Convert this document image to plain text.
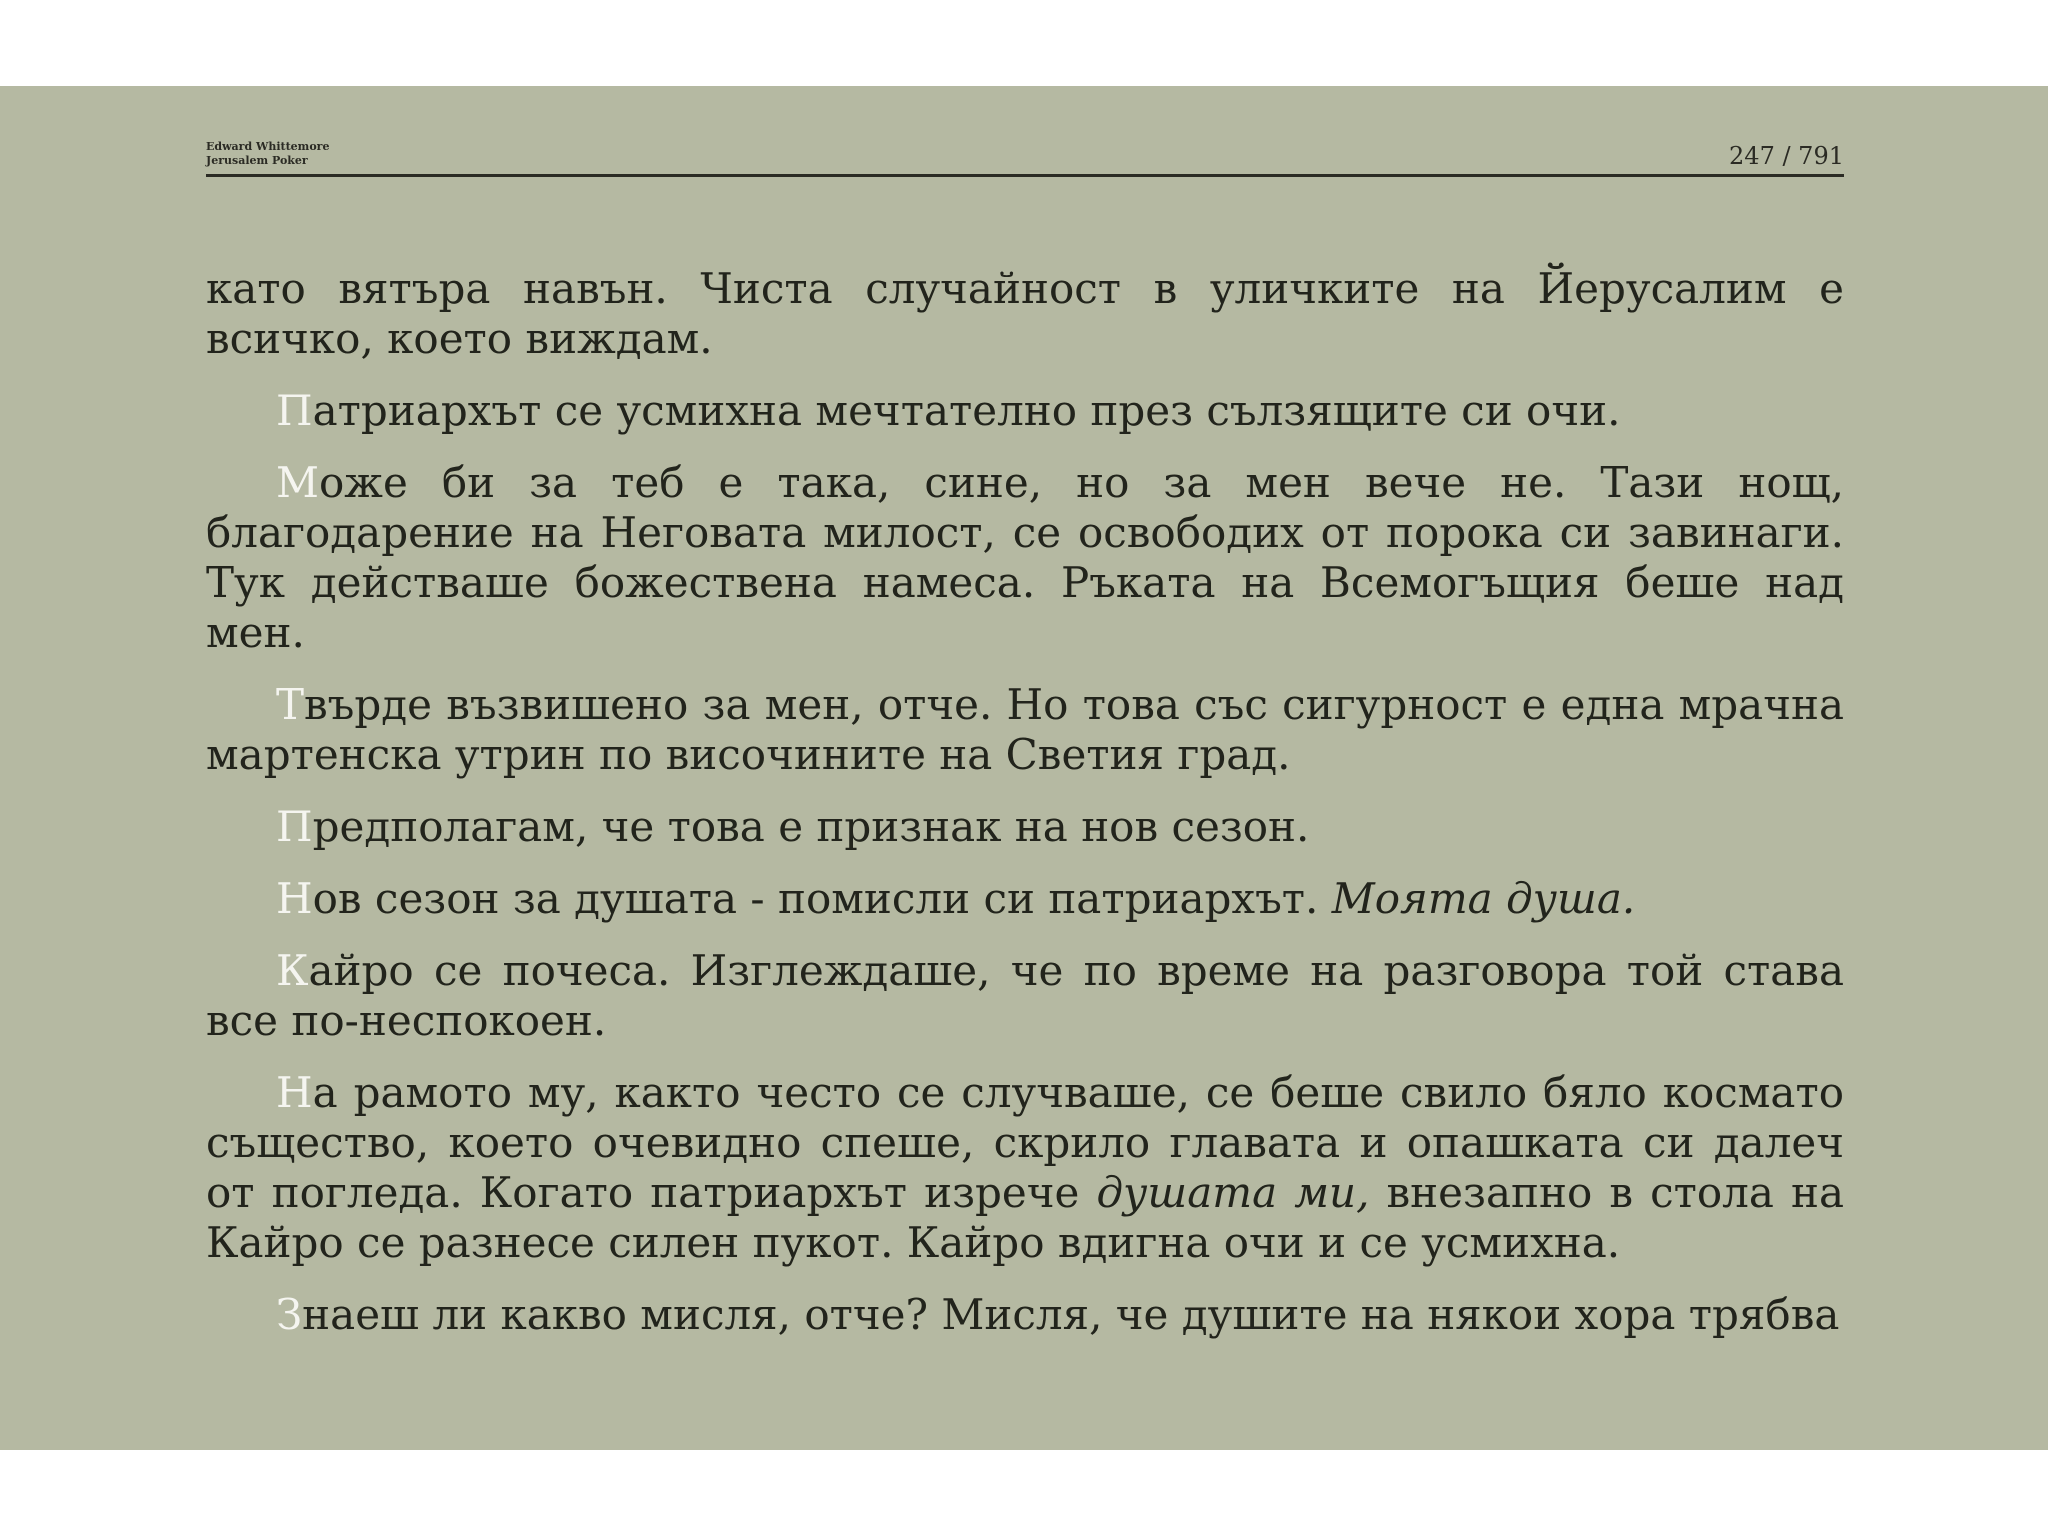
Edward Whittemore
Jerusalem Poker	247 / 791

като вятъра навън. Чиста случайност в уличките на Йерусалим е всичко, което виждам.

Патриархът се усмихна мечтателно през сълзящите си очи.

Може би за теб е така, сине, но за мен вече не. Тази нощ, благодарение на Неговата милост, се освободих от порока си завинаги. Тук действаше божествена намеса. Ръката на Всемогъщия беше над мен.

Твърде възвишено за мен, отче. Но това със сигурност е една мрачна мартенска утрин по височините на Светия град.

Предполагам, че това е признак на нов сезон.

Нов сезон за душата - помисли си патриархът. Моята душа.

Кайро се почеса. Изглеждаше, че по време на разговора той става все по-неспокоен.

На рамото му, както често се случваше, се беше свило бяло космато същество, което очевидно спеше, скрило главата и опашката си далеч от погледа. Когато патриархът изрече душата ми, внезапно в стола на Кайро се разнесе силен пукот. Кайро вдигна очи и се усмихна.

Знаеш ли какво мисля, отче? Мисля, че душите на някои хора трябва
